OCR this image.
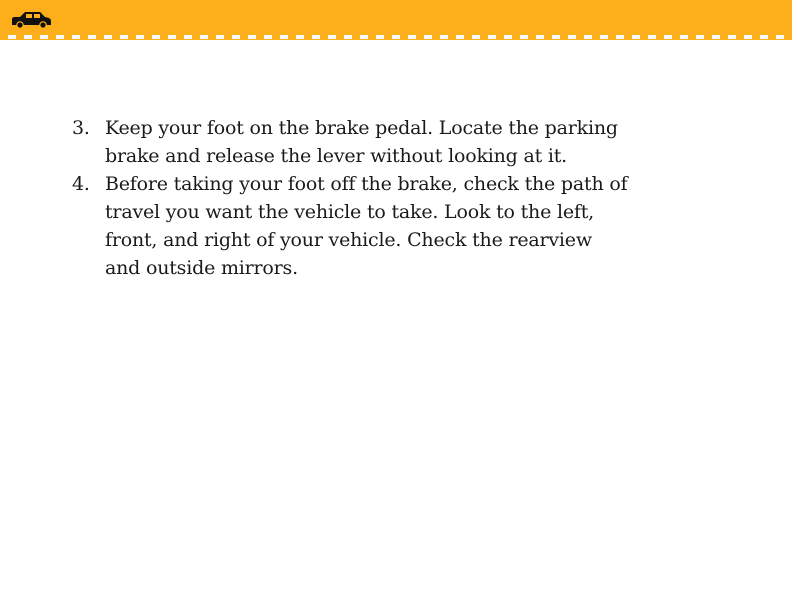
3. Keep your foot on the brake pedal. Locate the parking brake and release the lever without looking at it.
4. Before taking your foot off the brake, check the path of travel you want the vehicle to take. Look to the left, front, and right of your vehicle. Check the rearview and outside mirrors.
